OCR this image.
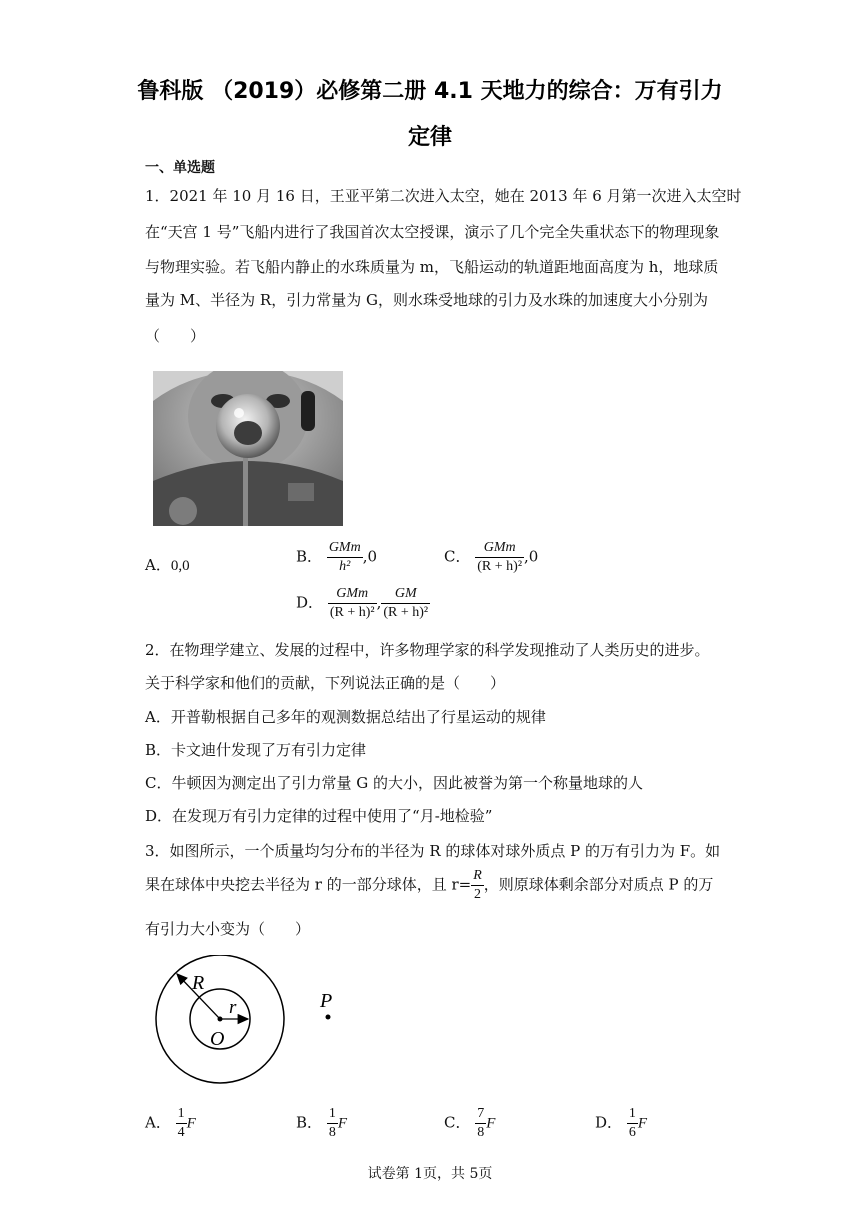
鲁科版 （2019）必修第二册 4.1 天地力的综合：万有引力
定律
一、单选题
1．2021 年 10 月 16 日，王亚平第二次进入太空，她在 2013 年 6 月第一次进入太空时
在“天宫 1 号”飞船内进行了我国首次太空授课，演示了几个完全失重状态下的物理现象
与物理实验。若飞船内静止的水珠质量为 m，飞船运动的轨道距地面高度为 h，地球质
量为 M、半径为 R，引力常量为 G，则水珠受地球的引力及水珠的加速度大小分别为
（　　）
A．0,0
B． $\frac{\text{GMm}}{\text{h²}} ,0$	C． $\frac{\text{GMm}}{\text{(R + h)²}} ,0$
D． $\frac{\text{GMm}}{\text{(R + h)²}}$ , $\frac{GM}{\text{(R + h)²}}$
2．在物理学建立、发展的过程中，许多物理学家的科学发现推动了人类历史的进步。
关于科学家和他们的贡献，下列说法正确的是（　　）
A．开普勒根据自己多年的观测数据总结出了行星运动的规律
B．卡文迪什发现了万有引力定律
C．牛顿因为测定出了引力常量 G 的大小，因此被誉为第一个称量地球的人
D．在发现万有引力定律的过程中使用了“月-地检验”
3．如图所示，一个质量均匀分布的半径为 R 的球体对球外质点 P 的万有引力为 F。如
果在球体中央挖去半径为 r 的一部分球体，且 $r= \frac{R}{2}$ ，则原球体剩余部分对质点 P 的万
有引力大小变为（　　）
R
r
O
P
A． $\frac{1}{4}$ F	B． $\frac{1}{8}$ F	C． $\frac{7}{8}$ F	D． $\frac{1}{6}$ F
试卷第 1页，共 5页
